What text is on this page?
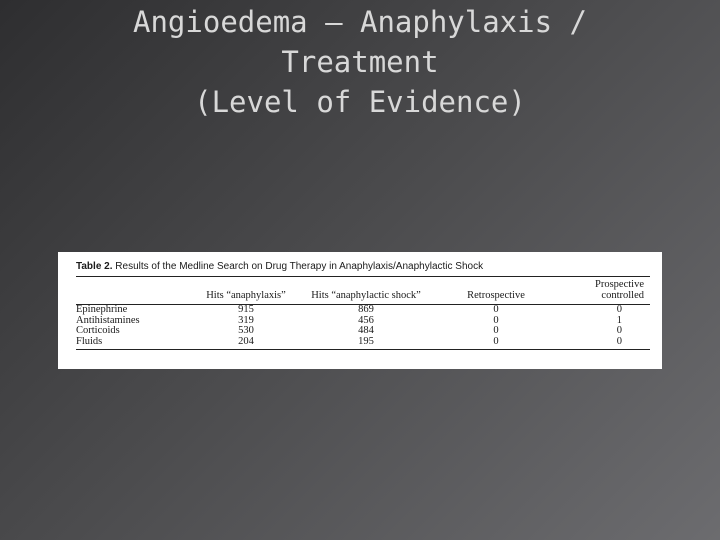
Angioedema – Anaphylaxis /
Treatment
(Level of Evidence)
Table 2. Results of the Medline Search on Drug Therapy in Anaphylaxis/Anaphylactic Shock
	Hits “anaphylaxis”	Hits “anaphylactic shock”	Retrospective	Prospective controlled
Epinephrine	915	869	0	0
Antihistamines	319	456	0	1
Corticoids	530	484	0	0
Fluids	204	195	0	0
